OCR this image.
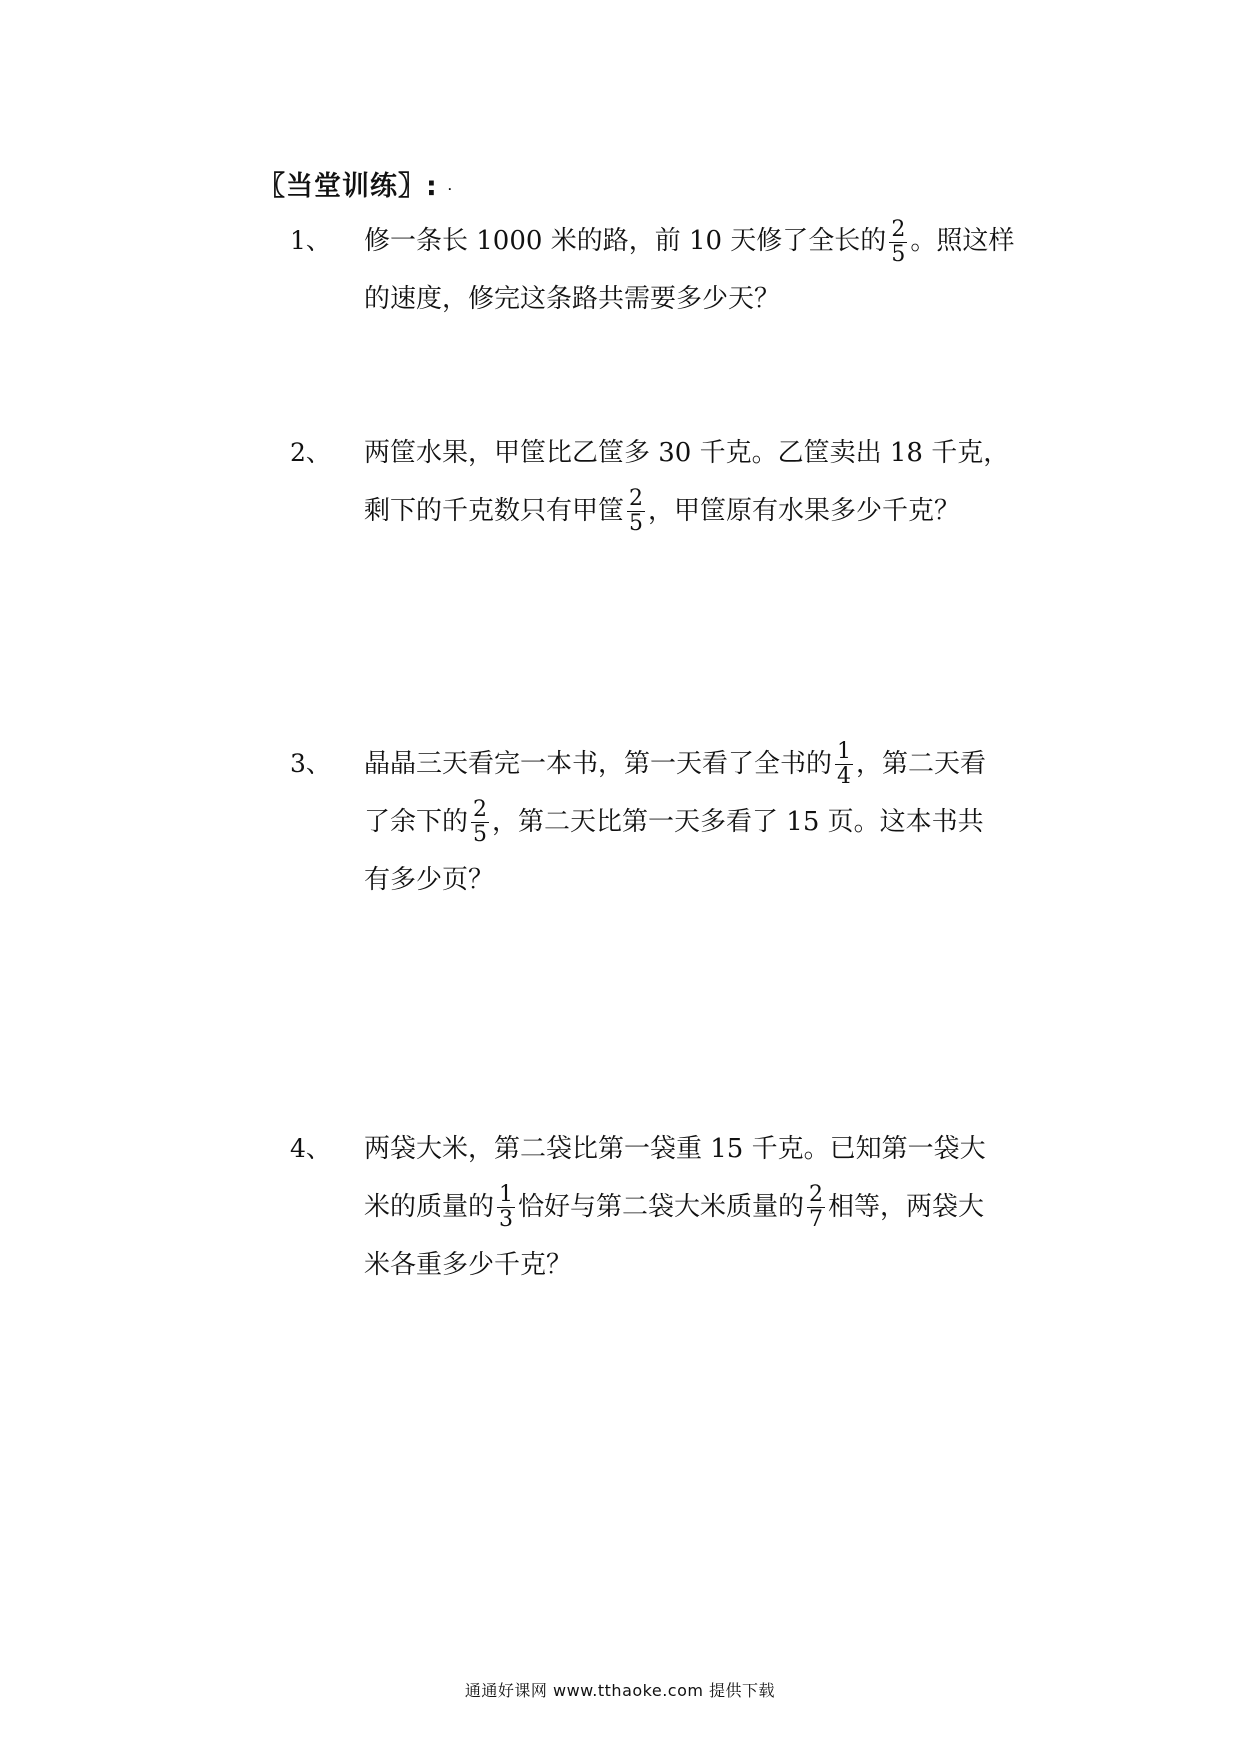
〖当堂训练〗: .
1、 修一条长 1000 米的路，前 10 天修了全长的 $\frac{2}{5}$ 。照这样
的速度，修完这条路共需要多少天？
2、 两筐水果，甲筐比乙筐多 30 千克。乙筐卖出 18 千克，
剩下的千克数只有甲筐 $\frac{2}{5}$ ，甲筐原有水果多少千克？
3、 晶晶三天看完一本书，第一天看了全书的 $\frac{1}{4}$ ，第二天看
了余下的 $\frac{2}{5}$ ，第二天比第一天多看了 15 页。这本书共
有多少页？
4、 两袋大米，第二袋比第一袋重 15 千克。已知第一袋大
米的质量的 $\frac{1}{3}$ 恰好与第二袋大米质量的 $\frac{2}{7}$ 相等，两袋大
米各重多少千克？
通通好课网 www.tthaoke.com 提供下载
